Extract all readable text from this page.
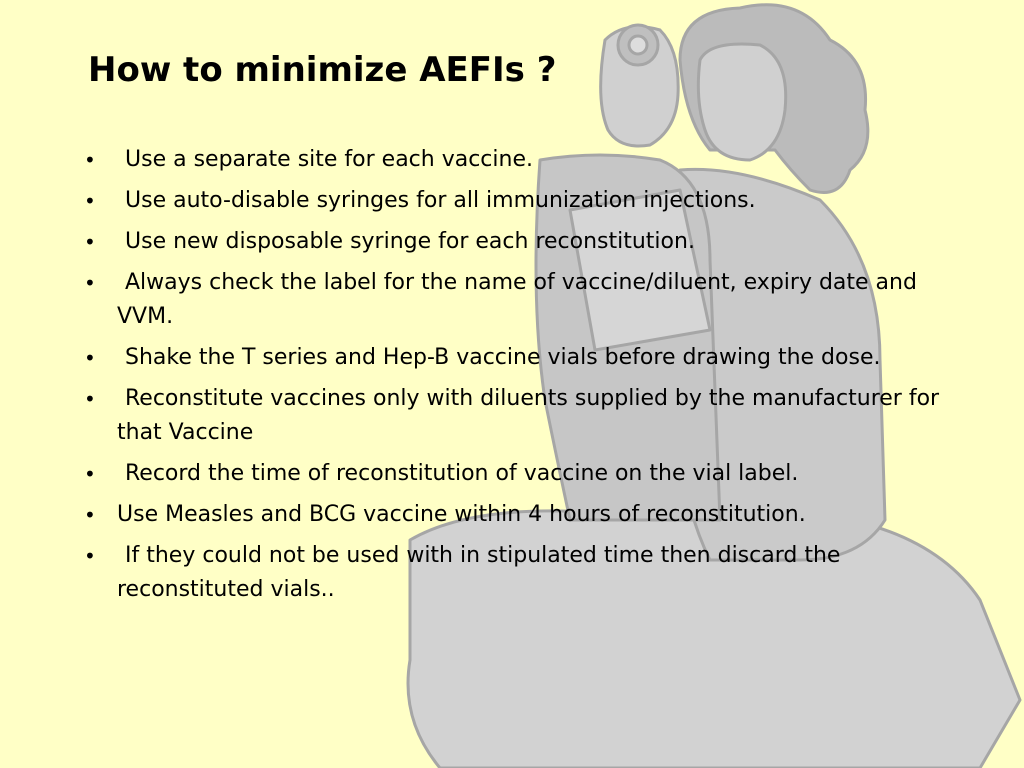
How to minimize AEFIs ?
• Use a separate site for each vaccine.
• Use auto-disable syringes for all immunization injections.
• Use new disposable syringe for each reconstitution.
• Always check the label for the name of vaccine/diluent, expiry date and VVM.
• Shake the T series and Hep-B vaccine vials before drawing the dose.
• Reconstitute vaccines only with diluents supplied by the manufacturer for that Vaccine
• Record the time of reconstitution of vaccine on the vial label.
• Use Measles and BCG vaccine within 4 hours of reconstitution.
• If they could not be used with in stipulated time then discard the reconstituted vials..
